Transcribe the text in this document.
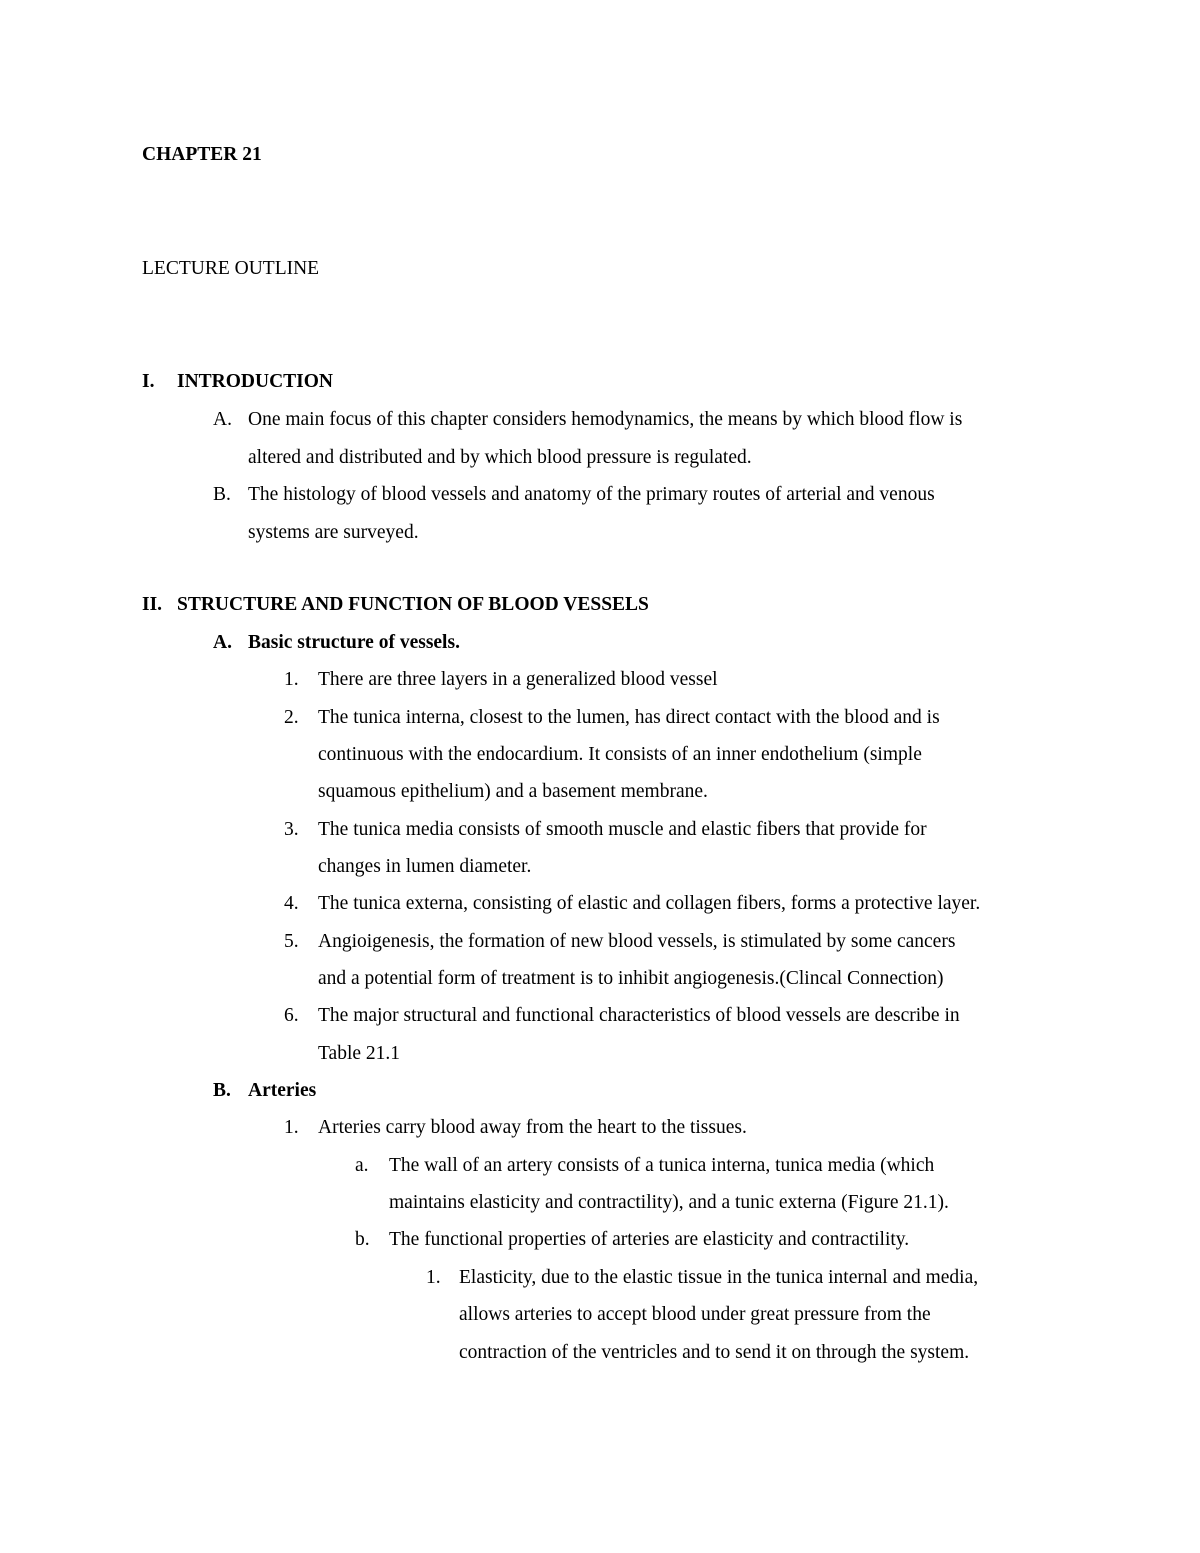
CHAPTER 21
LECTURE OUTLINE
I. INTRODUCTION
A. One main focus of this chapter considers hemodynamics, the means by which blood flow is
altered and distributed and by which blood pressure is regulated.
B. The histology of blood vessels and anatomy of the primary routes of arterial and venous
systems are surveyed.
II. STRUCTURE AND FUNCTION OF BLOOD VESSELS
A. Basic structure of vessels.
1. There are three layers in a generalized blood vessel
2. The tunica interna, closest to the lumen, has direct contact with the blood and is
continuous with the endocardium. It consists of an inner endothelium (simple
squamous epithelium) and a basement membrane.
3. The tunica media consists of smooth muscle and elastic fibers that provide for
changes in lumen diameter.
4. The tunica externa, consisting of elastic and collagen fibers, forms a protective layer.
5. Angioigenesis, the formation of new blood vessels, is stimulated by some cancers
and a potential form of treatment is to inhibit angiogenesis.(Clincal Connection)
6. The major structural and functional characteristics of blood vessels are describe in
Table 21.1
B. Arteries
1. Arteries carry blood away from the heart to the tissues.
a. The wall of an artery consists of a tunica interna, tunica media (which
maintains elasticity and contractility), and a tunic externa (Figure 21.1).
b. The functional properties of arteries are elasticity and contractility.
1. Elasticity, due to the elastic tissue in the tunica internal and media,
allows arteries to accept blood under great pressure from the
contraction of the ventricles and to send it on through the system.
